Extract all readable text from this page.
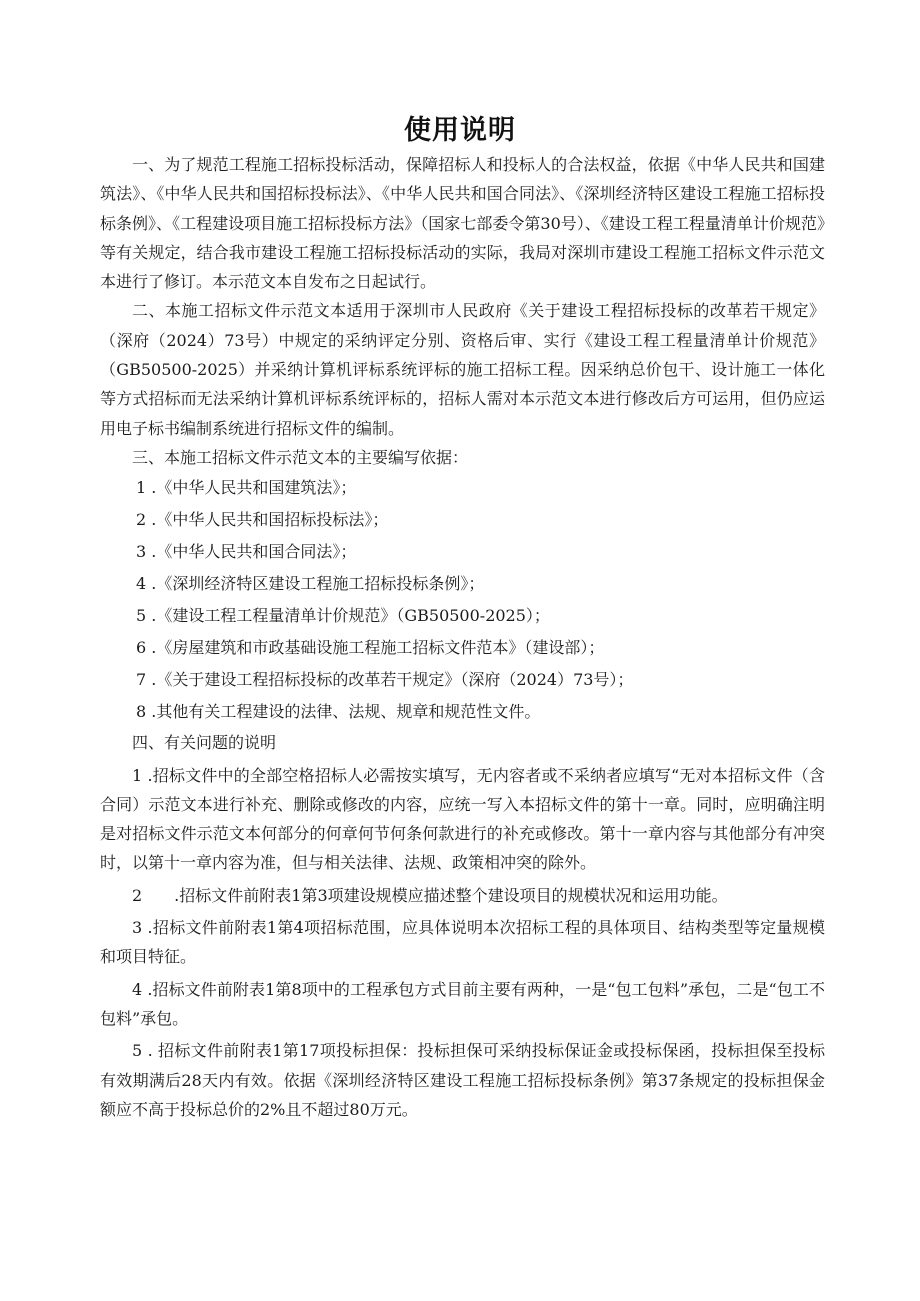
使用说明

一、为了规范工程施工招标投标活动，保障招标人和投标人的合法权益，依据《中华人民共和国建筑法》、《中华人民共和国招标投标法》、《中华人民共和国合同法》、《深圳经济特区建设工程施工招标投标条例》、《工程建设项目施工招标投标方法》（国家七部委令第30号）、《建设工程工程量清单计价规范》等有关规定，结合我市建设工程施工招标投标活动的实际，我局对深圳市建设工程施工招标文件示范文本进行了修订。本示范文本自发布之日起试行。

二、本施工招标文件示范文本适用于深圳市人民政府《关于建设工程招标投标的改革若干规定》（深府（2024）73号）中规定的采纳评定分别、资格后审、实行《建设工程工程量清单计价规范》（GB50500-2025）并采纳计算机评标系统评标的施工招标工程。因采纳总价包干、设计施工一体化等方式招标而无法采纳计算机评标系统评标的，招标人需对本示范文本进行修改后方可运用，但仍应运用电子标书编制系统进行招标文件的编制。

三、本施工招标文件示范文本的主要编写依据：

1 .《中华人民共和国建筑法》；
2 .《中华人民共和国招标投标法》；
3 .《中华人民共和国合同法》；
4 .《深圳经济特区建设工程施工招标投标条例》；
5 .《建设工程工程量清单计价规范》（GB50500-2025）；
6 .《房屋建筑和市政基础设施工程施工招标文件范本》（建设部）；
7 .《关于建设工程招标投标的改革若干规定》（深府（2024）73号）；
8 .其他有关工程建设的法律、法规、规章和规范性文件。

四、有关问题的说明

1 .招标文件中的全部空格招标人必需按实填写，无内容者或不采纳者应填写“无对本招标文件（含合同）示范文本进行补充、删除或修改的内容，应统一写入本招标文件的第十一章。同时，应明确注明是对招标文件示范文本何部分的何章何节何条何款进行的补充或修改。第十一章内容与其他部分有冲突时，以第十一章内容为准，但与相关法律、法规、政策相冲突的除外。

2　　.招标文件前附表1第3项建设规模应描述整个建设项目的规模状况和运用功能。

3 .招标文件前附表1第4项招标范围，应具体说明本次招标工程的具体项目、结构类型等定量规模和项目特征。

4 .招标文件前附表1第8项中的工程承包方式目前主要有两种，一是“包工包料”承包，二是“包工不包料”承包。

5 . 招标文件前附表1第17项投标担保：投标担保可采纳投标保证金或投标保函，投标担保至投标有效期满后28天内有效。依据《深圳经济特区建设工程施工招标投标条例》第37条规定的投标担保金额应不高于投标总价的2%且不超过80万元。
